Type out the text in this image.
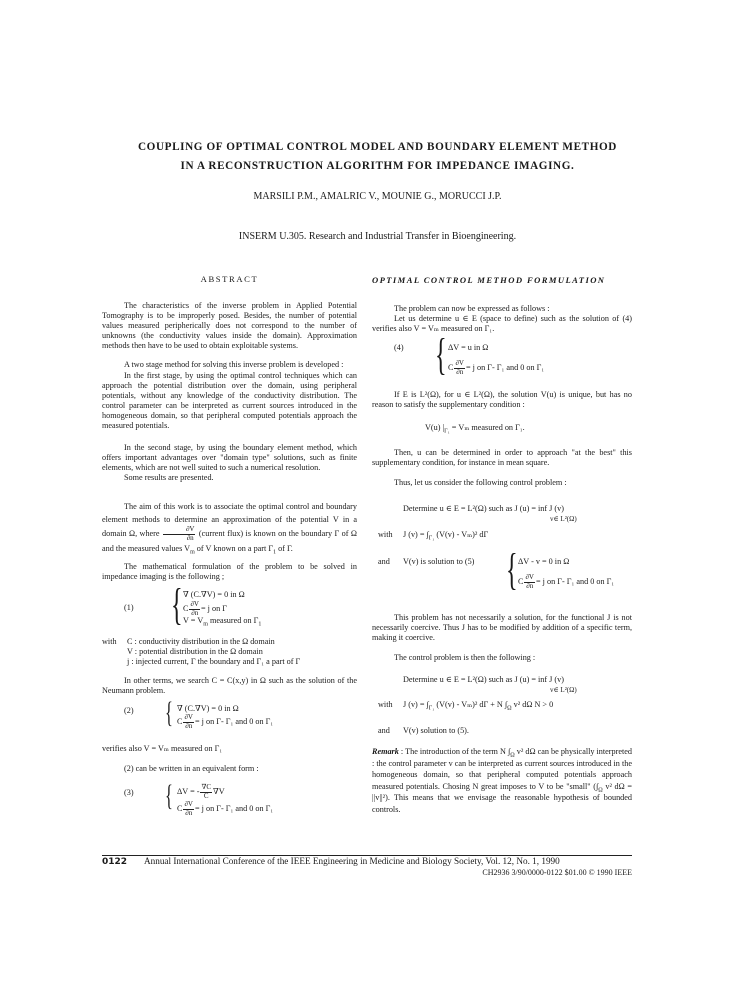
COUPLING OF OPTIMAL CONTROL MODEL AND BOUNDARY ELEMENT METHOD
IN A RECONSTRUCTION ALGORITHM FOR IMPEDANCE IMAGING.
MARSILI P.M., AMALRIC V., MOUNIE G., MORUCCI J.P.
INSERM U.305. Research and Industrial Transfer in Bioengineering.
ABSTRACT

The characteristics of the inverse problem in Applied Potential Tomography is to be improperly posed. Besides, the number of potential values measured peripherically does not correspond to the number of unknowns (the conductivity values inside the domain). Approximation methods then have to be used to obtain exploitable systems.

A two stage method for solving this inverse problem is developed :

In the first stage, by using the optimal control techniques which can approach the potential distribution over the domain, using peripheral potentials, without any knowledge of the conductivity distribution. The control parameter can be interpreted as current sources introduced in the homogeneous domain, so that peripheral computed potentials approach the measured potentials.

In the second stage, by using the boundary element method, which offers important advantages over "domain type" solutions, such as finite elements, which are not well suited to such a numerical resolution.

Some results are presented.

The aim of this work is to associate the optimal control and boundary element methods to determine an approximation of the potential V in a domain Ω, where $\frac{\partial V}{\partial n}$ (current flux) is known on the boundary Γ of Ω and the measured values $V_m$ of V known on a part $\Gamma_1$ of Γ.

The mathematical formulation of the problem to be solved in impedance imaging is the following ;

(1) { ∇ (C.∇V) = 0 in Ω
C $\frac{\partial V}{\partial n} = j$ on Γ
$V = V_m$ measured on $\Gamma_1$
with C : conductivity distribution in the Ω domain
V : potential distribution in the Ω domain
j : injected current, Γ the boundary and Γ₁ a part of Γ

In other terms, we search C = C(x,y) in Ω such as the solution of the Neumann problem.

(2) { ∇ (C.∇V) = 0 in Ω
C $\frac{\partial V}{\partial n} = j$ on Γ- Γ₁ and 0 on Γ₁
verifies also V = Vₘ measured on Γ₁
(2) can be written in an equivalent form :
(3) { ΔV = - $\frac{\nabla C}{C} \nabla V$
C $\frac{\partial V}{\partial n} = j$ on Γ- Γ₁ and 0 on Γ₁
OPTIMAL CONTROL METHOD FORMULATION

The problem can now be expressed as follows :

Let us determine u ∈ E (space to define) such as the solution of (4) verifies also V = Vₘ measured on Γ₁.

(4) { ΔV = u in Ω
C $\frac{\partial V}{\partial n} = j$ on Γ- Γ₁ and 0 on Γ₁

If E is L²(Ω), for u ∈ L²(Ω), the solution V(u) is unique, but has no reason to satisfy the supplementary condition :

V(u) $|_{\Gamma_1} = V_m$ measured on Γ₁.

Then, u can be determined in order to approach "at the best" this supplementary condition, for instance in mean square.

Thus, let us consider the following control problem :

Determine u ∈ E = L²(Ω) such as J (u) = inf J (v)
v∈ L²(Ω)
with J $(v) = \int_{\Gamma_1}$ (V(v) - Vₘ)² dΓ
and V(v) is solution to (5) { ΔV - v = 0 in Ω
C $\frac{\partial V}{\partial n} = j$ on Γ- Γ₁ and 0 on Γ₁

This problem has not necessarily a solution, for the functional J is not necessarily coercive. Thus J has to be modified by addition of a specific term, making it coercive.

The control problem is then the following :

Determine u ∈ E = L²(Ω) such as J (u) = inf J (v)
v∈ L²(Ω)
with J $(v) = \int_{\Gamma_1}$ (V(v) - Vₘ)² dΓ + N $\int_\Omega$ v² dΩ N > 0
and V(v) solution to (5).

Remark : The introduction of the term N $\int_\Omega$ v² dΩ can be physically interpreted : the control parameter v can be interpreted as current sources introduced in the homogeneous domain, so that peripheral computed potentials approach measured potentials. Chosing N great imposes to V to be "small" ($\int_\Omega$ v² dΩ = ||v||²). This means that we envisage the reasonable hypothesis of bounded controls.

0122 Annual International Conference of the IEEE Engineering in Medicine and Biology Society, Vol. 12, No. 1, 1990
CH2936 3/90/0000-0122 $01.00 © 1990 IEEE
